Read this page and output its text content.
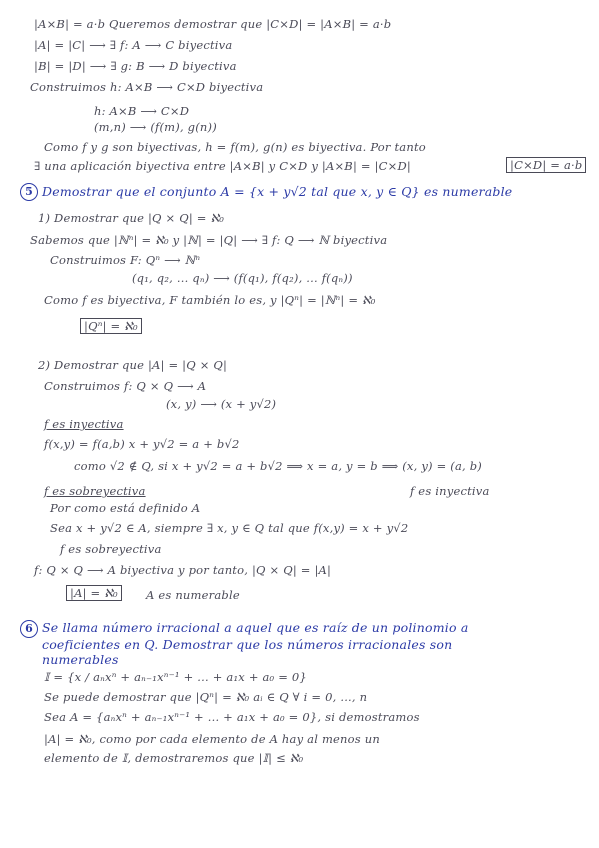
|A×B| = a·b Queremos demostrar que |C×D| = |A×B| = a·b
|A| = |C| ⟶ ∃ f: A ⟶ C biyectiva
|B| = |D| ⟶ ∃ g: B ⟶ D biyectiva
Construimos h: A×B ⟶ C×D biyectiva
h: A×B ⟶ C×D
(m,n) ⟶ (f(m), g(n))
Como f y g son biyectivas, h = f(m), g(n) es biyectiva. Por tanto
∃ una aplicación biyectiva entre |A×B| y C×D y |A×B| = |C×D|	|C×D| = a·b
5 Demostrar que el conjunto A = {x + y√2 tal que x, y ∈ Q} es numerable
1) Demostrar que |Q × Q| = ℵ₀
Sabemos que |ℕⁿ| = ℵ₀ y |ℕ| = |Q| ⟶ ∃ f: Q ⟶ ℕ biyectiva
Construimos F: Qⁿ ⟶ ℕⁿ
(q₁, q₂, ... qₙ) ⟶ (f(q₁), f(q₂), ... f(qₙ))
Como f es biyectiva, F también lo es, y |Qⁿ| = |ℕⁿ| = ℵ₀
|Qⁿ| = ℵ₀
2) Demostrar que |A| = |Q × Q|
Construimos f: Q × Q ⟶ A
(x, y) ⟶ (x + y√2)
f es inyectiva
f(x,y) = f(a,b) x + y√2 = a + b√2
como √2 ∉ Q, si x + y√2 = a + b√2 ⟹ x = a, y = b ⟹ (x, y) = (a, b)
f es sobreyectiva	f es inyectiva
Por como está definido A
Sea x + y√2 ∈ A, siempre ∃ x, y ∈ Q tal que f(x,y) = x + y√2
f es sobreyectiva
f: Q × Q ⟶ A biyectiva y por tanto, |Q × Q| = |A|
|A| = ℵ₀	A es numerable
6 Se llama número irracional a aquel que es raíz de un polinomio a
coeficientes en Q. Demostrar que los números irracionales son
numerables
𝕀 = {x / aₙxⁿ + aₙ₋₁xⁿ⁻¹ + ... + a₁x + a₀ = 0}
Se puede demostrar que |Qⁿ| = ℵ₀ aᵢ ∈ Q ∀ i = 0, ..., n
Sea A = {aₙxⁿ + aₙ₋₁xⁿ⁻¹ + ... + a₁x + a₀ = 0}, si demostramos
|A| = ℵ₀, como por cada elemento de A hay al menos un
elemento de 𝕀, demostraremos que |𝕀| ≤ ℵ₀
